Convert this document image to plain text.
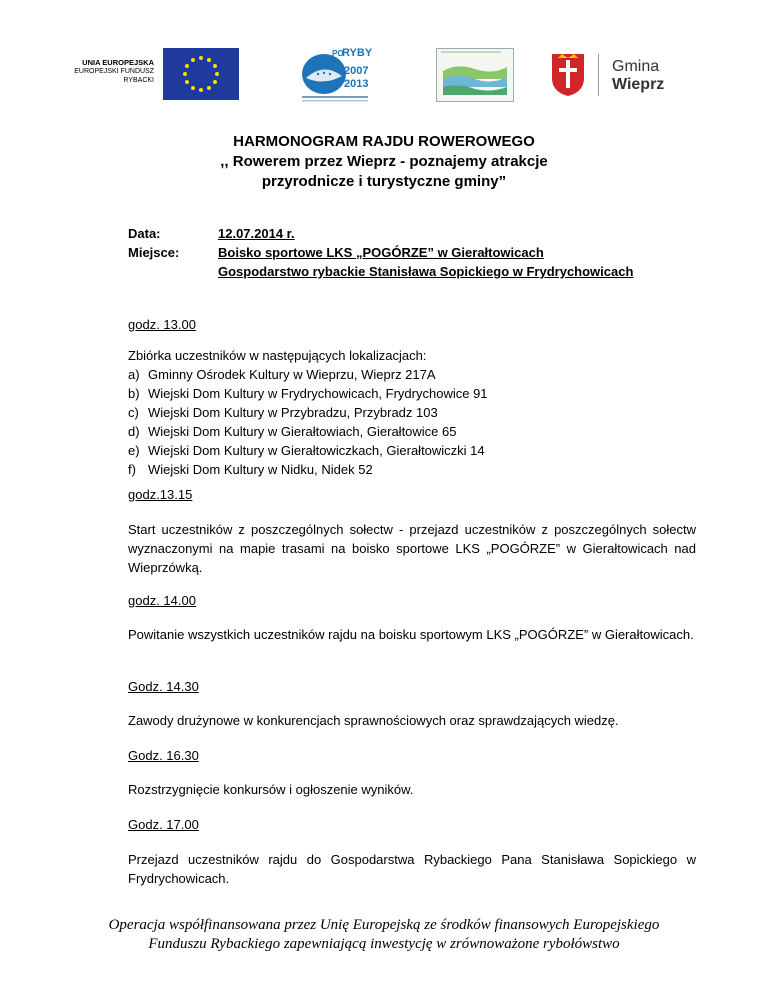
UNIA EUROPEJSKA
EUROPEJSKI FUNDUSZ
RYBACKI
PO
RYBY
2007
2013
Gmina
Wieprz
HARMONOGRAM RAJDU ROWEROWEGO
,, Rowerem przez Wieprz - poznajemy atrakcje
przyrodnicze i turystyczne gminy”
Data:	12.07.2014 r.
Miejsce:	Boisko sportowe LKS „POGÓRZE” w Gierałtowicach
Gospodarstwo rybackie Stanisława Sopickiego w Frydrychowicach
godz. 13.00
Zbiórka uczestników w następujących lokalizacjach:
a) Gminny Ośrodek Kultury w Wieprzu, Wieprz 217A
b) Wiejski Dom Kultury w Frydrychowicach, Frydrychowice 91
c) Wiejski Dom Kultury w Przybradzu, Przybradz 103
d) Wiejski Dom Kultury w Gierałtowiach, Gierałtowice 65
e) Wiejski Dom Kultury w Gierałtowiczkach, Gierałtowiczki 14
f) Wiejski Dom Kultury w Nidku, Nidek 52
godz.13.15
Start uczestników z poszczególnych sołectw - przejazd uczestników z poszczególnych sołectw wyznaczonymi na mapie trasami na boisko sportowe LKS „POGÓRZE” w Gierałtowicach nad Wieprzówką.
godz. 14.00
Powitanie wszystkich uczestników rajdu na boisku sportowym LKS „POGÓRZE” w Gierałtowicach.
Godz. 14.30
Zawody drużynowe w konkurencjach sprawnościowych oraz sprawdzających wiedzę.
Godz. 16.30
Rozstrzygnięcie konkursów i ogłoszenie wyników.
Godz. 17.00
Przejazd uczestników rajdu do Gospodarstwa Rybackiego Pana Stanisława Sopickiego w Frydrychowicach.
Operacja współfinansowana przez Unię Europejską ze środków finansowych Europejskiego
Funduszu Rybackiego zapewniającą inwestycję w zrównoważone rybołówstwo
